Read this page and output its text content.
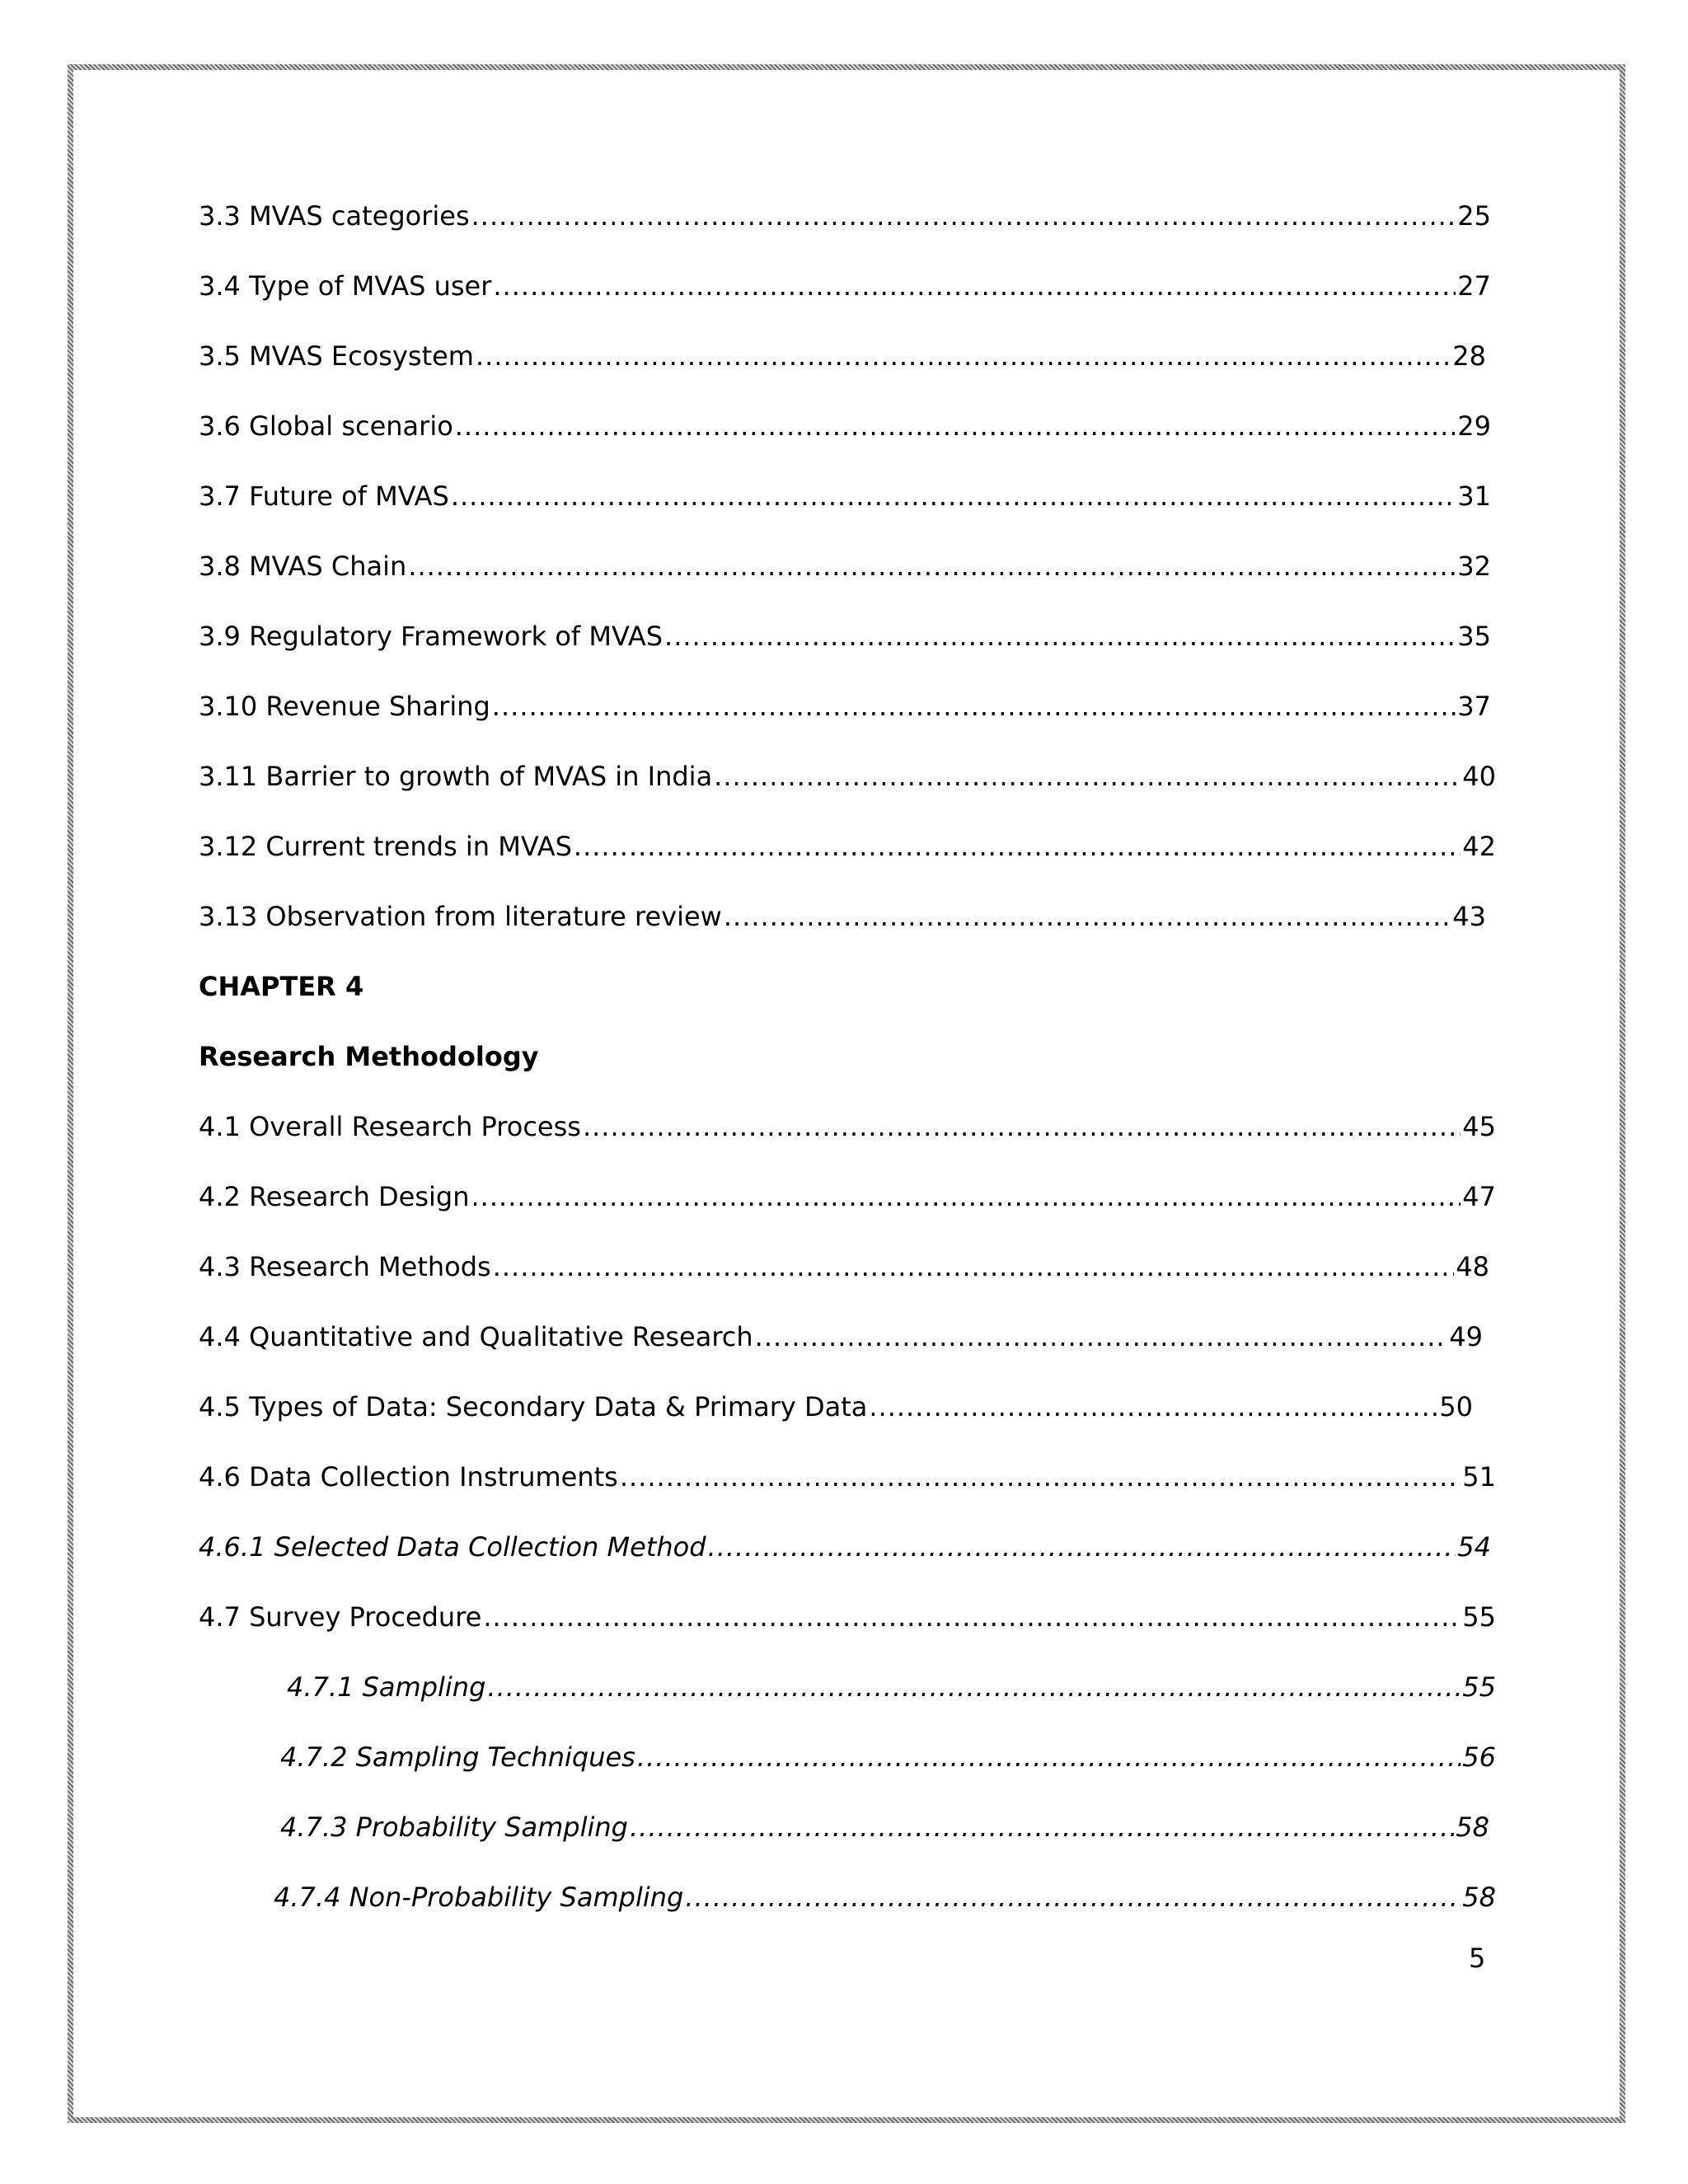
3.3 MVAS categories .....	25
3.4 Type of MVAS user .....	27
3.5 MVAS Ecosystem .....	28
3.6 Global scenario .....	29
3.7 Future of MVAS .....	31
3.8 MVAS Chain .....	32
3.9 Regulatory Framework of MVAS .....	35
3.10 Revenue Sharing .....	37
3.11 Barrier to growth of MVAS in India .....	40
3.12 Current trends in MVAS .....	42
3.13 Observation from literature review .....	43
CHAPTER 4
Research Methodology
4.1 Overall Research Process .....	45
4.2 Research Design .....	47
4.3 Research Methods .....	48
4.4 Quantitative and Qualitative Research .....	49
4.5 Types of Data: Secondary Data & Primary Data .....	50
4.6 Data Collection Instruments .....	51
4.6.1 Selected Data Collection Method .....	54
4.7 Survey Procedure .....	55
4.7.1 Sampling .....	55
4.7.2 Sampling Techniques .....	56
4.7.3 Probability Sampling .....	58
4.7.4 Non-Probability Sampling .....	58
5
